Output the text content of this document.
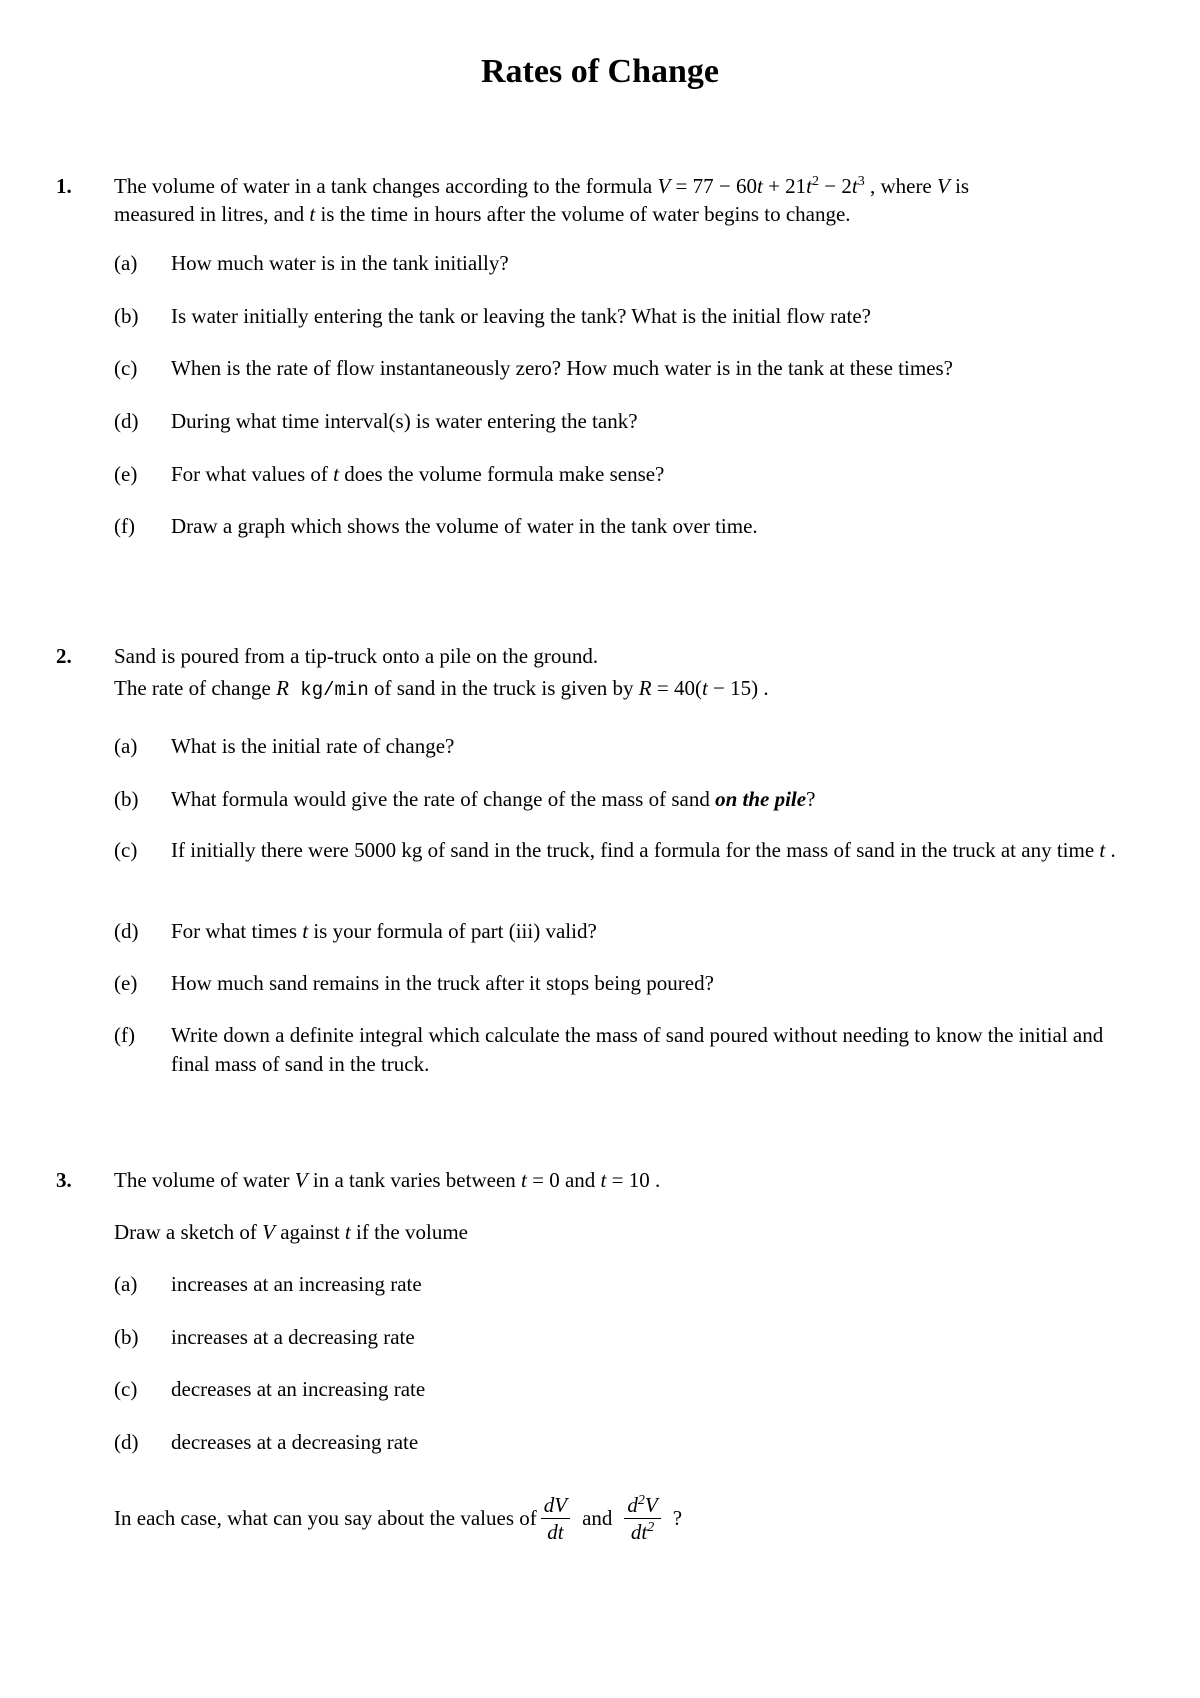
Rates of Change
1. The volume of water in a tank changes according to the formula $V = 77 - 60t + 21t^2 - 2t^3$ , where V is
measured in litres, and t is the time in hours after the volume of water begins to change.
(a)	How much water is in the tank initially?
(b)	Is water initially entering the tank or leaving the tank? What is the initial flow rate?
(c)	When is the rate of flow instantaneously zero? How much water is in the tank at these times?
(d)	During what time interval(s) is water entering the tank?
(e)	For what values of t does the volume formula make sense?
(f)	Draw a graph which shows the volume of water in the tank over time.
2. Sand is poured from a tip-truck onto a pile on the ground.
The rate of change R kg/min of sand in the truck is given by R = 40(t − 15) .
(a)	What is the initial rate of change?
(b)	What formula would give the rate of change of the mass of sand on the pile?
(c)	If initially there were 5000 kg of sand in the truck, find a formula for the mass of sand in the truck at any time t .
(d)	For what times t is your formula of part (iii) valid?
(e)	How much sand remains in the truck after it stops being poured?
(f)	Write down a definite integral which calculate the mass of sand poured without needing to know the initial and final mass of sand in the truck.
3. The volume of water V in a tank varies between t = 0 and t = 10 .
Draw a sketch of V against t if the volume
(a)	increases at an increasing rate
(b)	increases at a decreasing rate
(c)	decreases at an increasing rate
(d)	decreases at a decreasing rate
In each case, what can you say about the values of $\frac{dV}{dt}$ and $\frac{d^2V}{dt^2}$ ?
